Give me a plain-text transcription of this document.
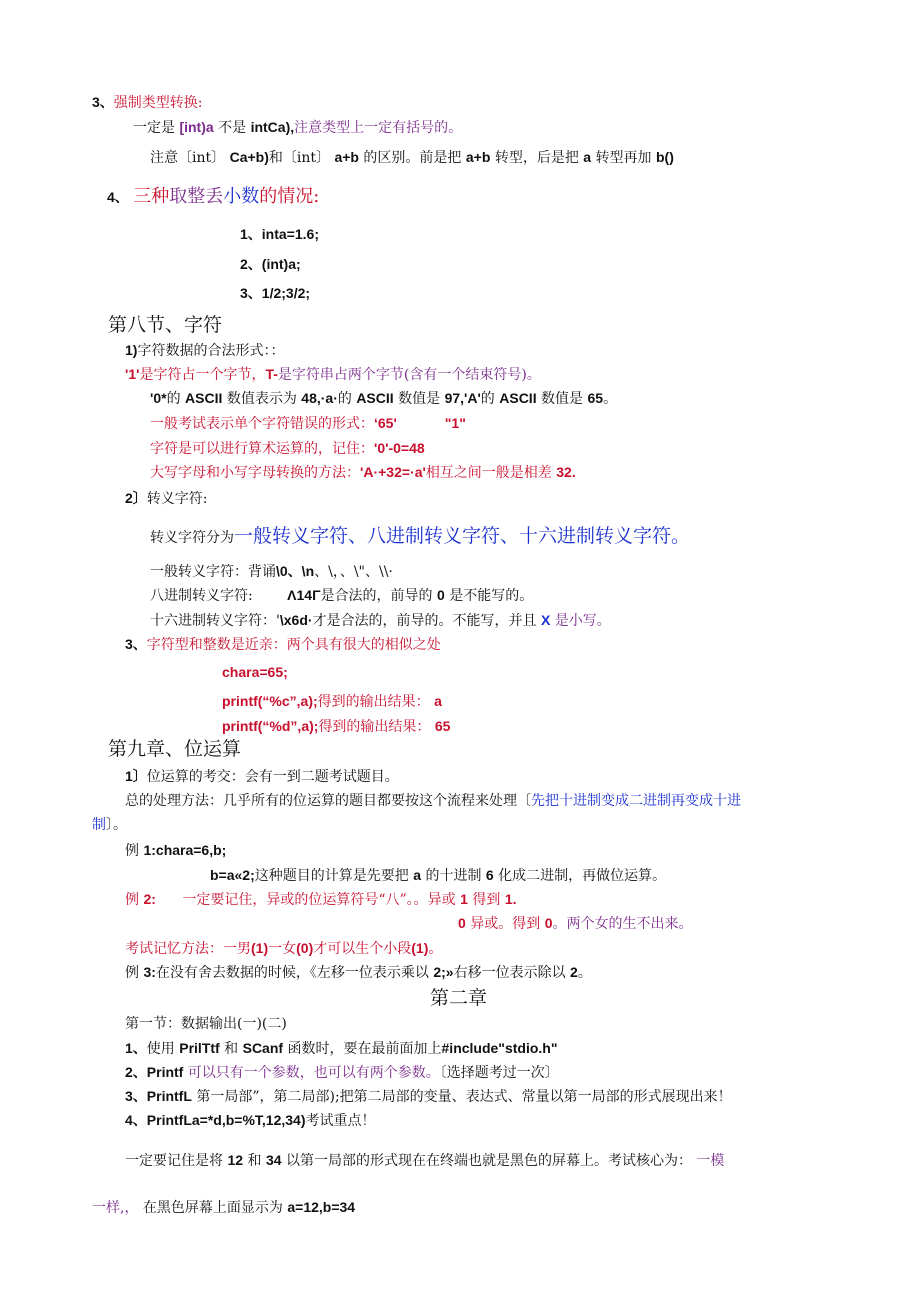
3、强制类型转换:
一定是 [int)a 不是 intCa),注意类型上一定有括号的。
注意〔int〕 Ca+b)和〔int〕 a+b 的区别。前是把 a+b 转型，后是把 a 转型再加 b()
4、 三种取整丢小数的情况:
1、inta=1.6;
2、(int)a;
3、1/2;3/2;
第八节、字符
1)字符数据的合法形式：：
'1'是字符占一个字节，T-是字符串占两个字节(含有一个结束符号)。
'0*的 ASCII 数值表示为 48,·a·的 ASCII 数值是 97,'A'的 ASCII 数值是 65。
一般考试表示单个字符错误的形式：‘65'	"1"
字符是可以进行算术运算的，记住：'0'-0=48
大写字母和小写字母转换的方法：'A·+32=·a'相互之间一般是相差 32.
2〕转义字符:
转义字符分为一般转义字符、八进制转义字符、十六进制转义字符。
一般转义字符：背诵\0、\n、\，、\"、\\·
八进制转义字符: Λ14Γ是合法的，前导的 0 是不能写的。
十六进制转义字符：'\x6d·才是合法的，前导的。不能写，并且 X 是小写。
3、字符型和整数是近亲：两个具有很大的相似之处
chara=65;
printf(“%c”,a);得到的输出结果： a
printf(“%d”,a);得到的输出结果： 65
第九章、位运算
1〕位运算的考交：会有一到二题考试题目。
总的处理方法：几乎所有的位运算的题目都要按这个流程来处理〔先把十进制变成二进制再变成十进
制〕。
例 1:chara=6,b;
b=a«2;这种题目的计算是先要把 a 的十进制 6 化成二进制，再做位运算。
例 2: 一定要记住，异或的位运算符号“八”。。异或 1 得到 1.
0 异或。得到 0。两个女的生不出来。
考试记忆方法：一男(1)一女(0)才可以生个小段(1)。
例 3:在没有舍去数据的时候，《左移一位表示乘以 2;»右移一位表示除以 2。
第二章
第一节：数据输出(一)(二)
1、使用 PrilTtf 和 SCanf 函数时，要在最前面加上#include"stdio.h"
2、Printf 可以只有一个参数，也可以有两个参数。〔选择题考过一次〕
3、PrintfL 第一局部”，第二局部);把第二局部的变量、表达式、常量以第一局部的形式展现出来！
4、PrintfLa=*d,b=%T,12,34)考试重点！
一定要记住是将 12 和 34 以第一局部的形式现在在终端也就是黑色的屏幕上。考试核心为： 一模
一样,， 在黑色屏幕上面显示为 a=12,b=34
